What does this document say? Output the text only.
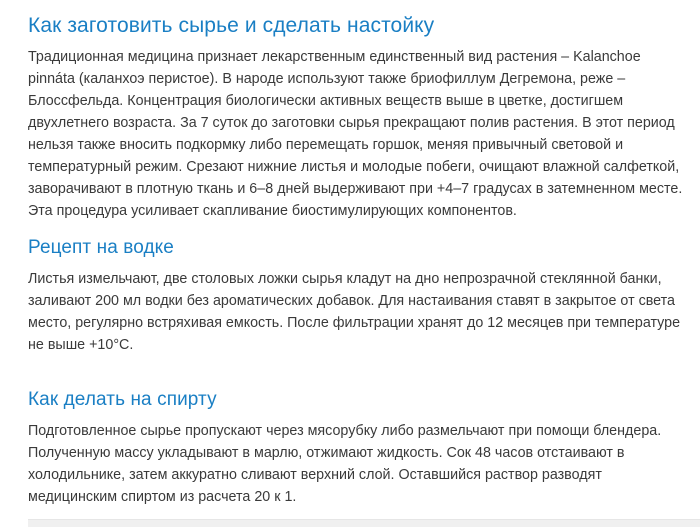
Как заготовить сырье и сделать настойку

Традиционная медицина признает лекарственным единственный вид растения – Kalanchoe pinnáta (каланхоэ перистое). В народе используют также бриофиллум Дегремона, реже – Блоссфельда. Концентрация биологически активных веществ выше в цветке, достигшем двухлетнего возраста. За 7 суток до заготовки сырья прекращают полив растения. В этот период нельзя также вносить подкормку либо перемещать горшок, меняя привычный световой и температурный режим. Срезают нижние листья и молодые побеги, очищают влажной салфеткой, заворачивают в плотную ткань и 6–8 дней выдерживают при +4–7 градусах в затемненном месте. Эта процедура усиливает скапливание биостимулирующих компонентов.

Рецепт на водке

Листья измельчают, две столовых ложки сырья кладут на дно непрозрачной стеклянной банки, заливают 200 мл водки без ароматических добавок. Для настаивания ставят в закрытое от света место, регулярно встряхивая емкость. После фильтрации хранят до 12 месяцев при температуре не выше +10°C.

Как делать на спирту

Подготовленное сырье пропускают через мясорубку либо размельчают при помощи блендера. Полученную массу укладывают в марлю, отжимают жидкость. Сок 48 часов отстаивают в холодильнике, затем аккуратно сливают верхний слой. Оставшийся раствор разводят медицинским спиртом из расчета 20 к 1.
